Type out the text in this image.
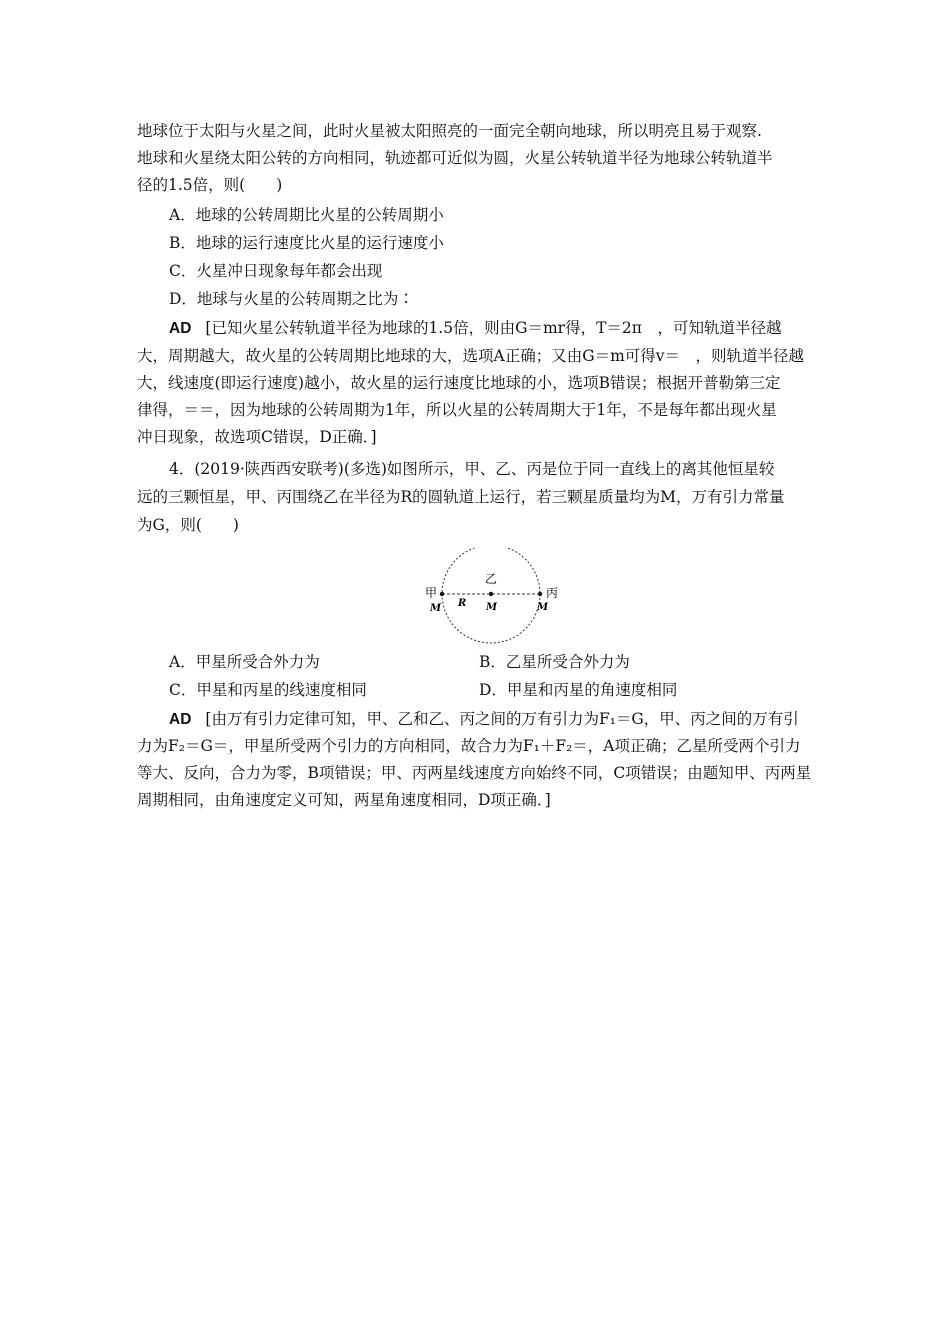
地球位于太阳与火星之间，此时火星被太阳照亮的一面完全朝向地球，所以明亮且易于观察.
地球和火星绕太阳公转的方向相同，轨迹都可近似为圆，火星公转轨道半径为地球公转轨道半
径的1.5倍，则(　　)
A．地球的公转周期比火星的公转周期小
B．地球的运行速度比火星的运行速度小
C．火星冲日现象每年都会出现
D．地球与火星的公转周期之比为∶
AD [已知火星公转轨道半径为地球的1.5倍，则由G＝mr得，T＝2π　，可知轨道半径越
大，周期越大，故火星的公转周期比地球的大，选项A正确；又由G＝m可得v＝　，则轨道半径越
大，线速度(即运行速度)越小，故火星的运行速度比地球的小，选项B错误；根据开普勒第三定
律得，＝＝，因为地球的公转周期为1年，所以火星的公转周期大于1年，不是每年都出现火星
冲日现象，故选项C错误，D正确．]
4．(2019·陕西西安联考)(多选)如图所示，甲、乙、丙是位于同一直线上的离其他恒星较
远的三颗恒星，甲、丙围绕乙在半径为R的圆轨道上运行，若三颗星质量均为M，万有引力常量
为G，则(　　)
甲
乙
丙
M	M	M
R
A．甲星所受合外力为	B．乙星所受合外力为
C．甲星和丙星的线速度相同	D．甲星和丙星的角速度相同
AD [由万有引力定律可知，甲、乙和乙、丙之间的万有引力为F₁＝G，甲、丙之间的万有引
力为F₂＝G＝，甲星所受两个引力的方向相同，故合力为F₁＋F₂＝，A项正确；乙星所受两个引力
等大、反向，合力为零，B项错误；甲、丙两星线速度方向始终不同，C项错误；由题知甲、丙两星
周期相同，由角速度定义可知，两星角速度相同，D项正确．]
